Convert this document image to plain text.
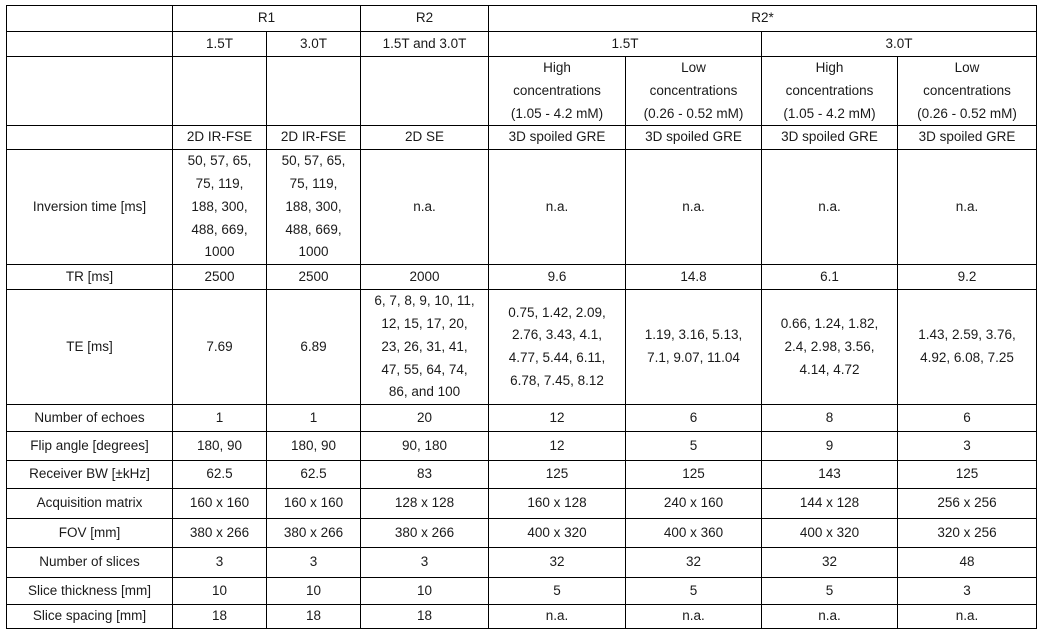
	R1		R2	R2*			
	1.5T	3.0T	1.5T and 3.0T	1.5T		3.0T	
				High
concentrations
(1.05 - 4.2 mM)	Low
concentrations
(0.26 - 0.52 mM)	High
concentrations
(1.05 - 4.2 mM)	Low
concentrations
(0.26 - 0.52 mM)
	2D IR-FSE	2D IR-FSE	2D SE	3D spoiled GRE	3D spoiled GRE	3D spoiled GRE	3D spoiled GRE
Inversion time [ms]	50, 57, 65,
75, 119,
188, 300,
488, 669,
1000	50, 57, 65,
75, 119,
188, 300,
488, 669,
1000	n.a.	n.a.	n.a.	n.a.	n.a.
TR [ms]	2500	2500	2000	9.6	14.8	6.1	9.2
TE [ms]	7.69	6.89	6, 7, 8, 9, 10, 11,
12, 15, 17, 20,
23, 26, 31, 41,
47, 55, 64, 74,
86, and 100	0.75, 1.42, 2.09,
2.76, 3.43, 4.1,
4.77, 5.44, 6.11,
6.78, 7.45, 8.12	1.19, 3.16, 5.13,
7.1, 9.07, 11.04	0.66, 1.24, 1.82,
2.4, 2.98, 3.56,
4.14, 4.72	1.43, 2.59, 3.76,
4.92, 6.08, 7.25
Number of echoes	1	1	20	12	6	8	6
Flip angle [degrees]	180, 90	180, 90	90, 180	12	5	9	3
Receiver BW [±kHz]	62.5	62.5	83	125	125	143	125
Acquisition matrix	160 x 160	160 x 160	128 x 128	160 x 128	240 x 160	144 x 128	256 x 256
FOV [mm]	380 x 266	380 x 266	380 x 266	400 x 320	400 x 360	400 x 320	320 x 256
Number of slices	3	3	3	32	32	32	48
Slice thickness [mm]	10	10	10	5	5	5	3
Slice spacing [mm]	18	18	18	n.a.	n.a.	n.a.	n.a.
